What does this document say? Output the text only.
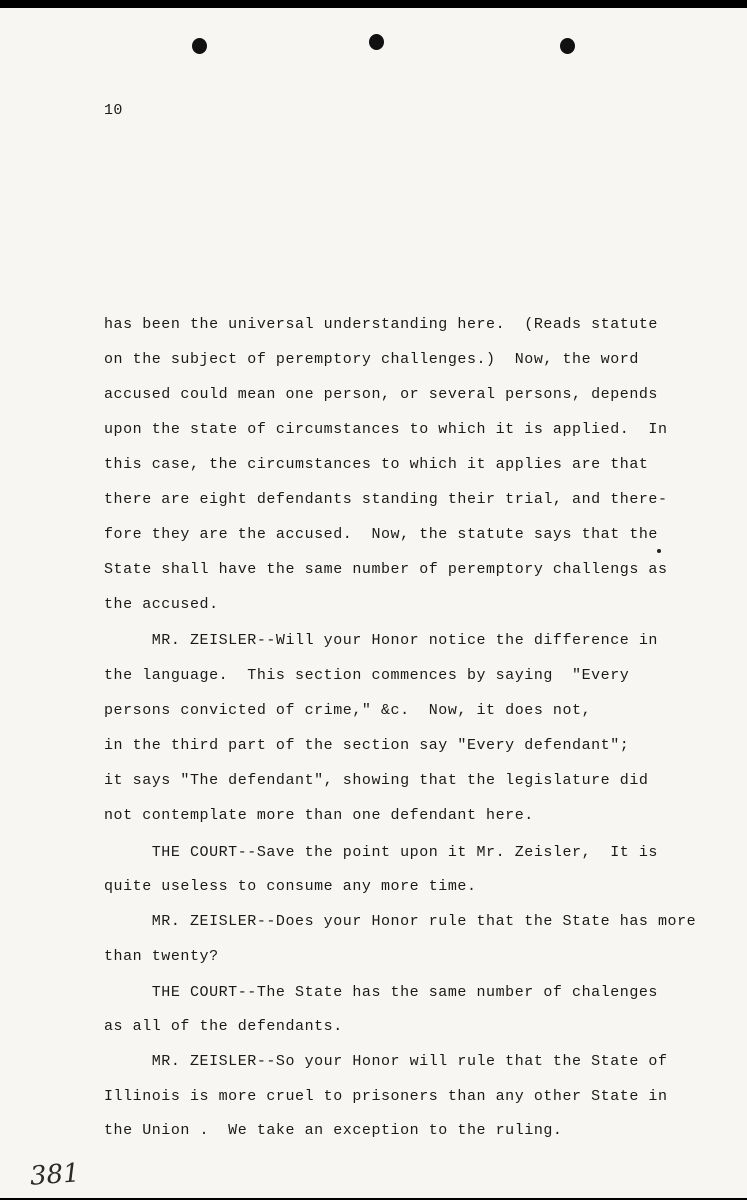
10
has been the universal understanding here.  (Reads statute
on the subject of peremptory challenges.)  Now, the word
accused could mean one person, or several persons, depends
upon the state of circumstances to which it is applied.  In
this case, the circumstances to which it applies are that
there are eight defendants standing their trial, and there-
fore they are the accused.  Now, the statute says that the
State shall have the same number of peremptory challengs as
the accused.
MR. ZEISLER--Will your Honor notice the difference in
the language.  This section commences by saying  "Every
persons convicted of crime," &c.  Now, it does not,
in the third part of the section say "Every defendant";
it says "The defendant", showing that the legislature did
not contemplate more than one defendant here.
THE COURT--Save the point upon it Mr. Zeisler,  It is
quite useless to consume any more time.
MR. ZEISLER--Does your Honor rule that the State has more
than twenty?
THE COURT--The State has the same number of chalenges
as all of the defendants.
MR. ZEISLER--So your Honor will rule that the State of
Illinois is more cruel to prisoners than any other State in
the Union .  We take an exception to the ruling.
381
